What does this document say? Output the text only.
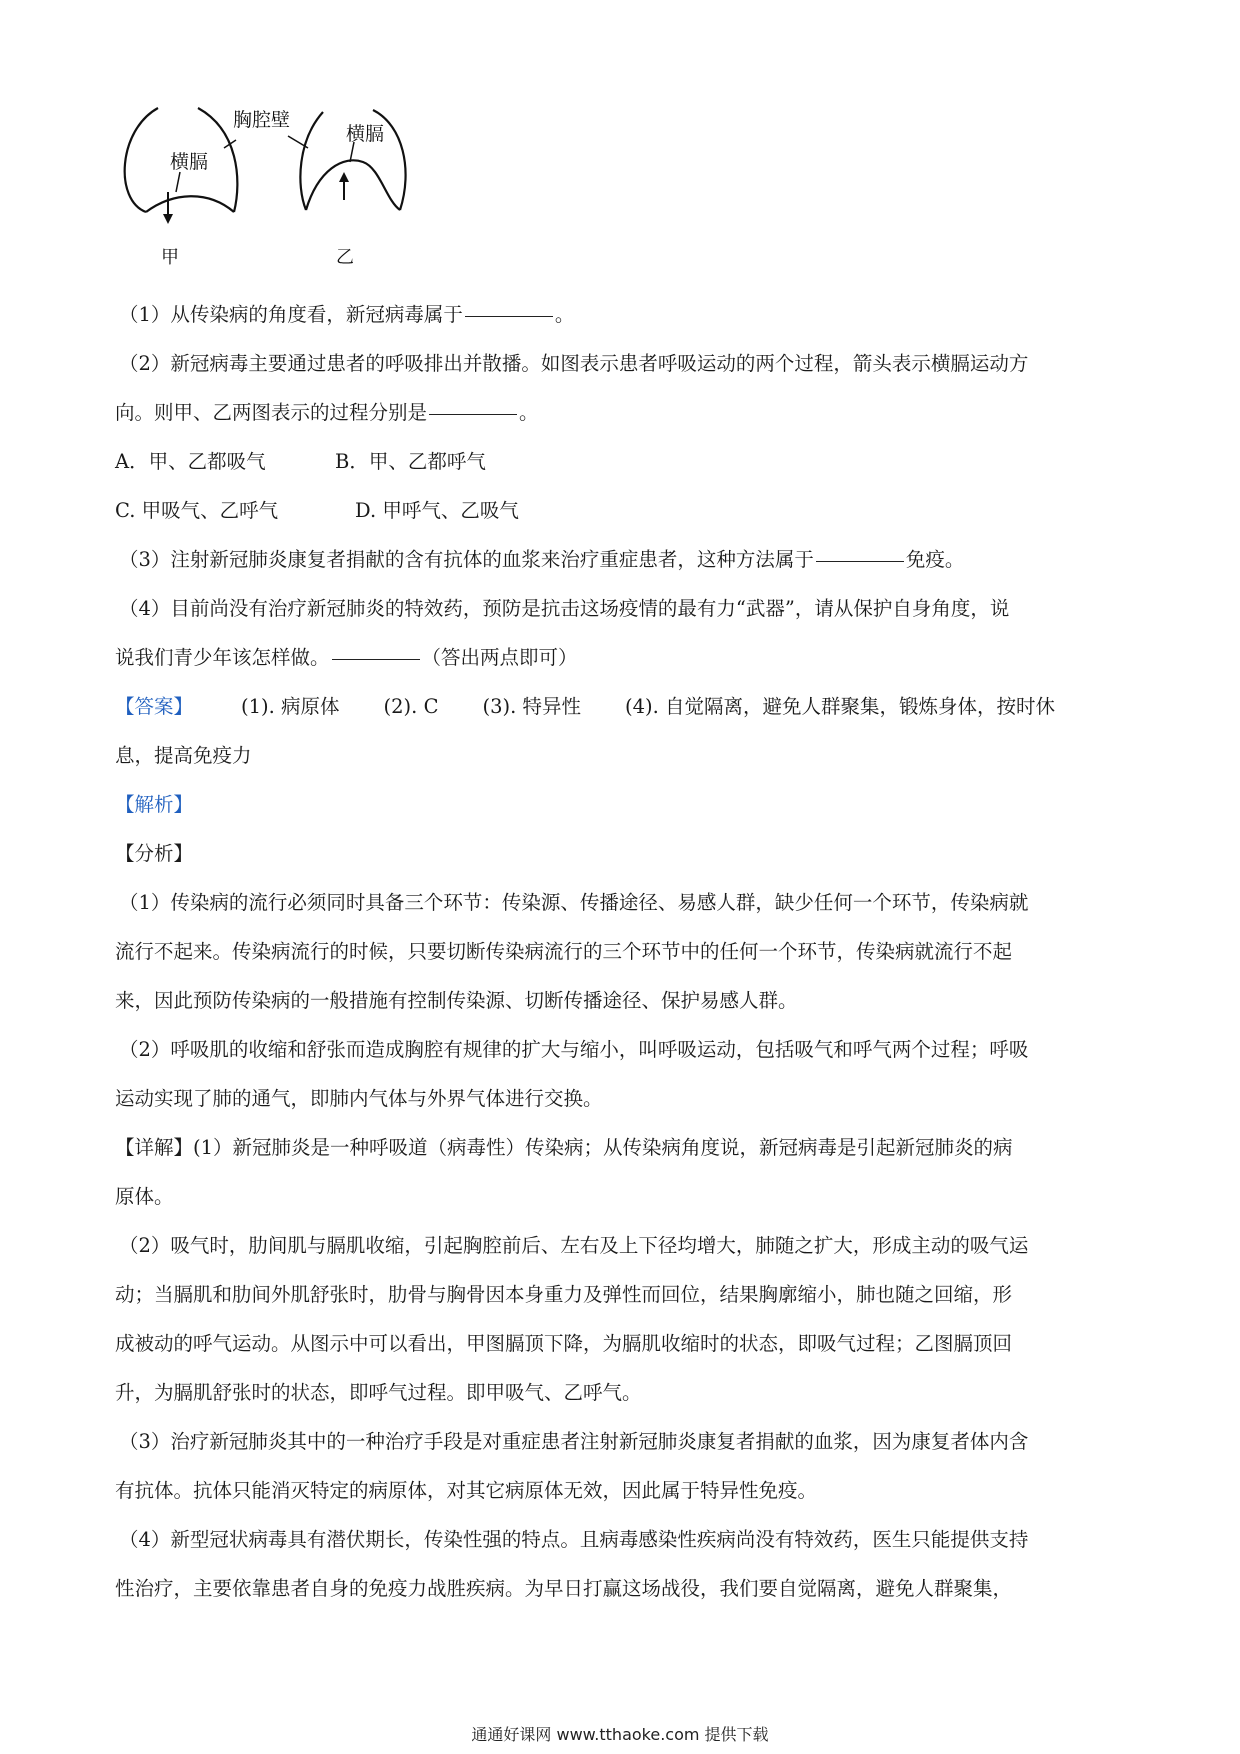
胸腔壁
横膈
横膈
甲	乙
（1）从传染病的角度看，新冠病毒属于	。
（2）新冠病毒主要通过患者的呼吸排出并散播。如图表示患者呼吸运动的两个过程，箭头表示横膈运动方
向。则甲、乙两图表示的过程分别是	。
A．甲、乙都吸气	B．甲、乙都呼气
C. 甲吸气、乙呼气	D. 甲呼气、乙吸气
（3）注射新冠肺炎康复者捐献的含有抗体的血浆来治疗重症患者，这种方法属于	免疫。
（4）目前尚没有治疗新冠肺炎的特效药，预防是抗击这场疫情的最有力“武器”，请从保护自身角度，说
说我们青少年该怎样做。	（答出两点即可）
【答案】 (1). 病原体 (2). C (3). 特异性 (4). 自觉隔离，避免人群聚集，锻炼身体，按时休
息，提高免疫力
【解析】
【分析】
（1）传染病的流行必须同时具备三个环节：传染源、传播途径、易感人群，缺少任何一个环节，传染病就
流行不起来。传染病流行的时候，只要切断传染病流行的三个环节中的任何一个环节，传染病就流行不起
来，因此预防传染病的一般措施有控制传染源、切断传播途径、保护易感人群。
（2）呼吸肌的收缩和舒张而造成胸腔有规律的扩大与缩小，叫呼吸运动，包括吸气和呼气两个过程；呼吸
运动实现了肺的通气，即肺内气体与外界气体进行交换。
【详解】(1）新冠肺炎是一种呼吸道（病毒性）传染病；从传染病角度说，新冠病毒是引起新冠肺炎的病
原体。
（2）吸气时，肋间肌与膈肌收缩，引起胸腔前后、左右及上下径均增大，肺随之扩大，形成主动的吸气运
动；当膈肌和肋间外肌舒张时，肋骨与胸骨因本身重力及弹性而回位，结果胸廓缩小，肺也随之回缩，形
成被动的呼气运动。从图示中可以看出，甲图膈顶下降，为膈肌收缩时的状态，即吸气过程；乙图膈顶回
升，为膈肌舒张时的状态，即呼气过程。即甲吸气、乙呼气。
（3）治疗新冠肺炎其中的一种治疗手段是对重症患者注射新冠肺炎康复者捐献的血浆，因为康复者体内含
有抗体。抗体只能消灭特定的病原体，对其它病原体无效，因此属于特异性免疫。
（4）新型冠状病毒具有潜伏期长，传染性强的特点。且病毒感染性疾病尚没有特效药，医生只能提供支持
性治疗，主要依靠患者自身的免疫力战胜疾病。为早日打赢这场战役，我们要自觉隔离，避免人群聚集，
通通好课网 www.tthaoke.com 提供下载
